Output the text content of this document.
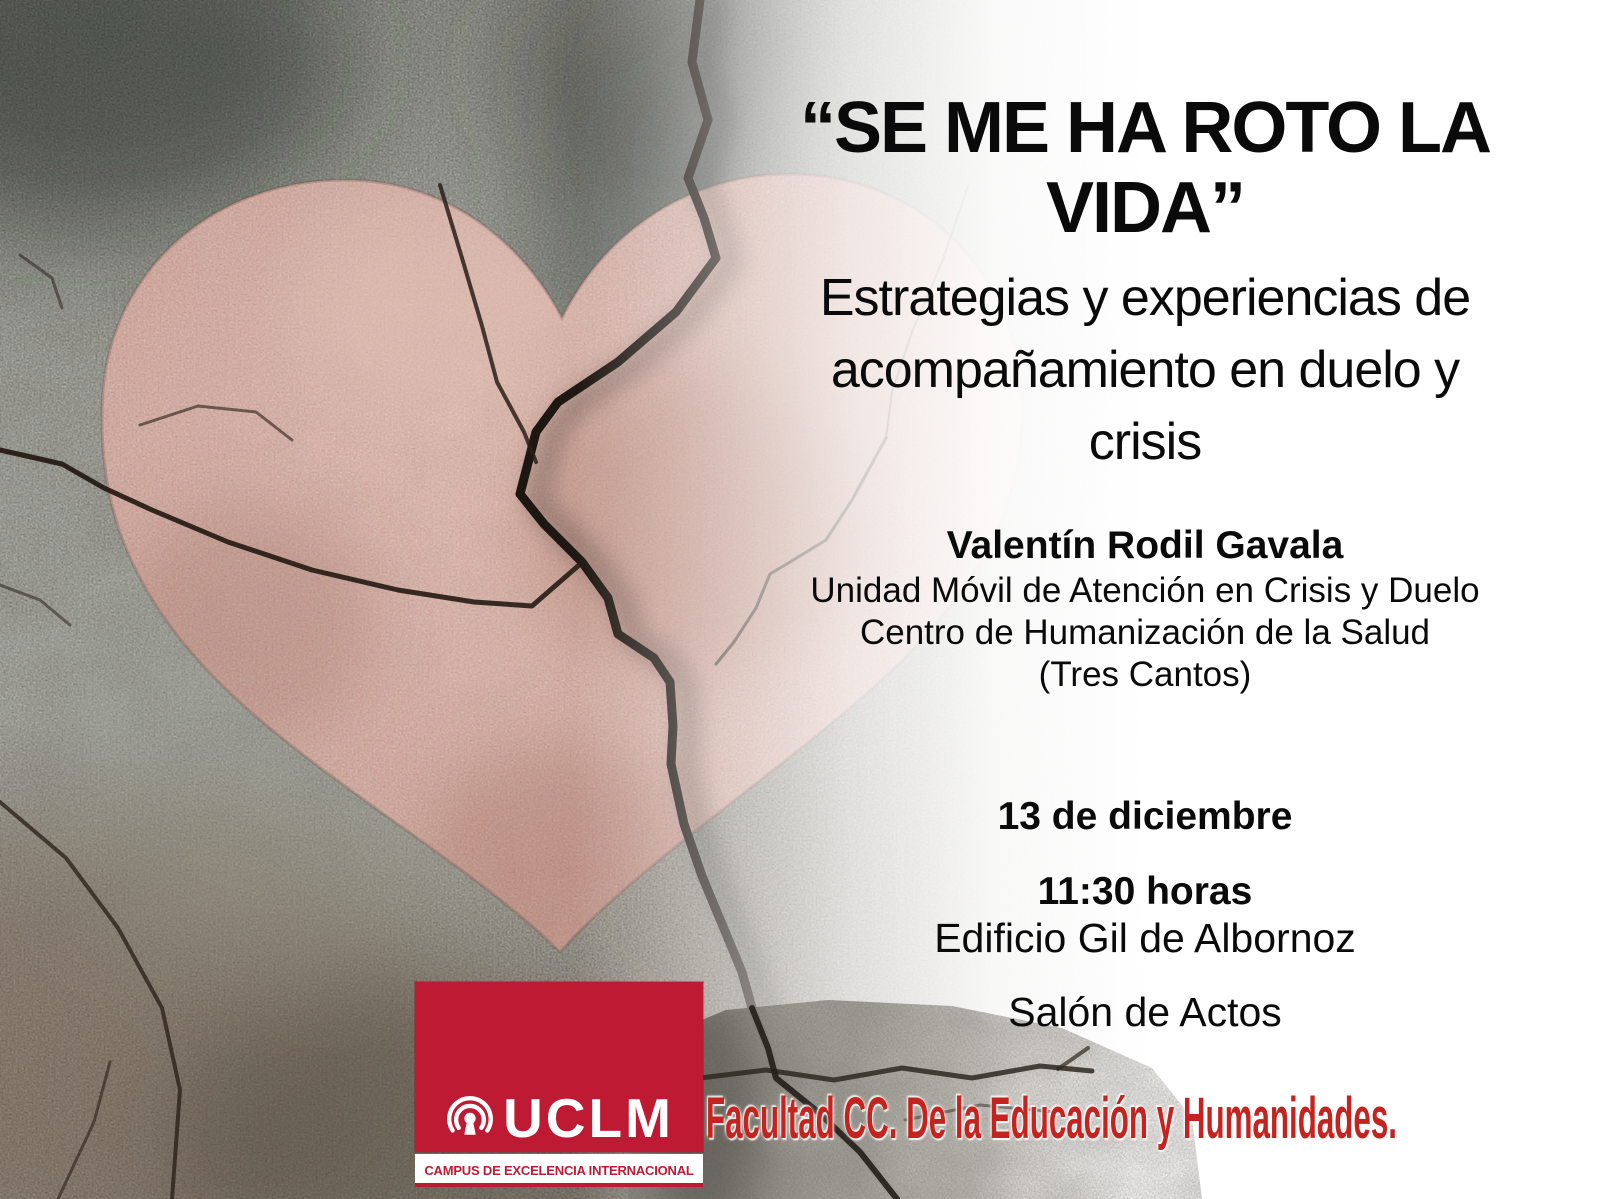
“SE ME HA ROTO LA
VIDA”
Estrategias y experiencias de
acompañamiento en duelo y
crisis
Valentín Rodil Gavala
Unidad Móvil de Atención en Crisis y Duelo
Centro de Humanización de la Salud
(Tres Cantos)
13 de diciembre
11:30 horas
Edificio Gil de Albornoz
Salón de Actos
UCLM
CAMPUS DE EXCELENCIA INTERNACIONAL
Facultad CC. De la Educación y Humanidades.
